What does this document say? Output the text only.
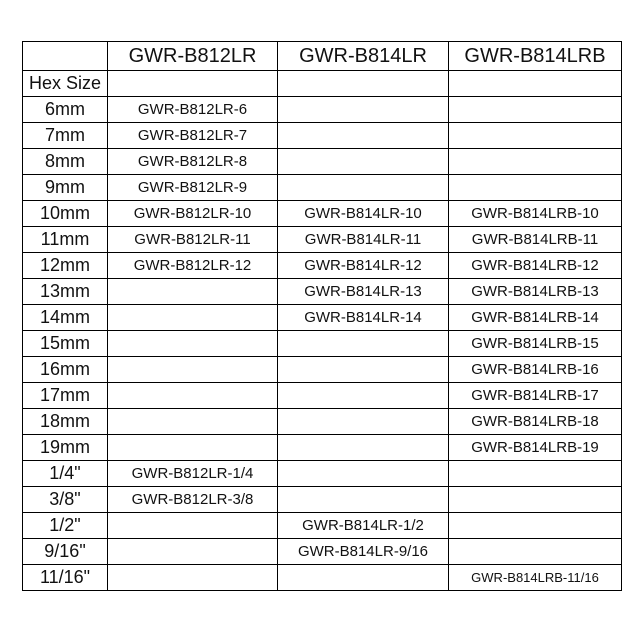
	GWR-B812LR	GWR-B814LR	GWR-B814LRB
Hex Size			
6mm	GWR-B812LR-6		
7mm	GWR-B812LR-7		
8mm	GWR-B812LR-8		
9mm	GWR-B812LR-9		
10mm	GWR-B812LR-10	GWR-B814LR-10	GWR-B814LRB-10
11mm	GWR-B812LR-11	GWR-B814LR-11	GWR-B814LRB-11
12mm	GWR-B812LR-12	GWR-B814LR-12	GWR-B814LRB-12
13mm		GWR-B814LR-13	GWR-B814LRB-13
14mm		GWR-B814LR-14	GWR-B814LRB-14
15mm			GWR-B814LRB-15
16mm			GWR-B814LRB-16
17mm			GWR-B814LRB-17
18mm			GWR-B814LRB-18
19mm			GWR-B814LRB-19
1/4"	GWR-B812LR-1/4		
3/8"	GWR-B812LR-3/8		
1/2"		GWR-B814LR-1/2	
9/16"		GWR-B814LR-9/16	
11/16"			GWR-B814LRB-11/16
